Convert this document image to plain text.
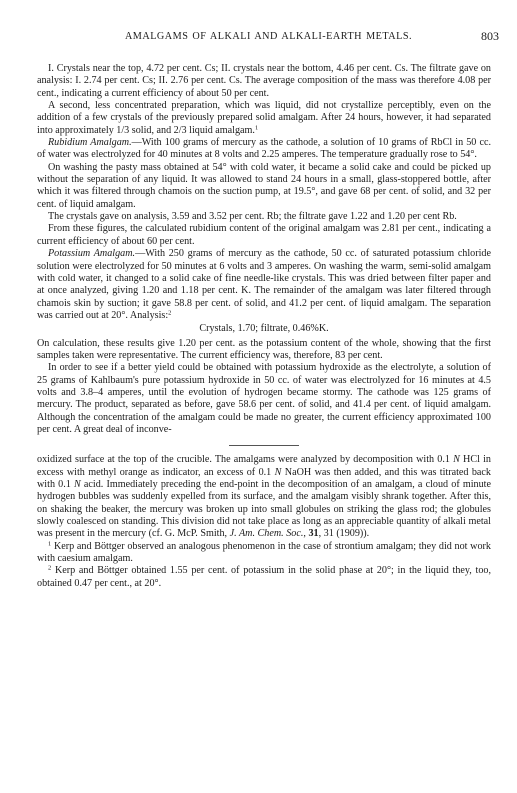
AMALGAMS OF ALKALI AND ALKALI-EARTH METALS.	803

I. Crystals near the top, 4.72 per cent. Cs; II. crystals near the bottom, 4.46 per cent. Cs. The filtrate gave on analysis: I. 2.74 per cent. Cs; II. 2.76 per cent. Cs. The average composition of the mass was therefore 4.08 per cent., indicating a current efficiency of about 50 per cent.

A second, less concentrated preparation, which was liquid, did not crystallize perceptibly, even on the addition of a few crystals of the previously prepared solid amalgam. After 24 hours, however, it had separated into approximately 1/3 solid, and 2/3 liquid amalgam.$^1$

Rubidium Amalgam.—With 100 grams of mercury as the cathode, a solution of 10 grams of RbCl in 50 cc. of water was electrolyzed for 40 minutes at 8 volts and 2.25 amperes. The temperature gradually rose to 54°.

On washing the pasty mass obtained at 54° with cold water, it became a solid cake and could be picked up without the separation of any liquid. It was allowed to stand 24 hours in a small, glass-stoppered bottle, after which it was filtered through chamois on the suction pump, at 19.5°, and gave 68 per cent. of solid, and 32 per cent. of liquid amalgam.

The crystals gave on analysis, 3.59 and 3.52 per cent. Rb; the filtrate gave 1.22 and 1.20 per cent Rb.

From these figures, the calculated rubidium content of the original amalgam was 2.81 per cent., indicating a current efficiency of about 60 per cent.

Potassium Amalgam.—With 250 grams of mercury as the cathode, 50 cc. of saturated potassium chloride solution were electrolyzed for 50 minutes at 6 volts and 3 amperes. On washing the warm, semi-solid amalgam with cold water, it changed to a solid cake of fine needle-like crystals. This was dried between filter paper and at once analyzed, giving 1.20 and 1.18 per cent. K. The remainder of the amalgam was later filtered through chamois skin by suction; it gave 58.8 per cent. of solid, and 41.2 per cent. of liquid amalgam. The separation was carried out at 20°. Analysis:$^2$

Crystals, 1.70; filtrate, 0.46%K.

On calculation, these results give 1.20 per cent. as the potassium content of the whole, showing that the first samples taken were representative. The current efficiency was, therefore, 83 per cent.

In order to see if a better yield could be obtained with potassium hydroxide as the electrolyte, a solution of 25 grams of Kahlbaum's pure potassium hydroxide in 50 cc. of water was electrolyzed for 16 minutes at 4.5 volts and 3.8–4 amperes, until the evolution of hydrogen became stormy. The cathode was 125 grams of mercury. The product, separated as before, gave 58.6 per cent. of solid, and 41.4 per cent. of liquid amalgam. Although the concentration of the amalgam could be made no greater, the current efficiency approximated 100 per cent. A great deal of inconve-

oxidized surface at the top of the crucible. The amalgams were analyzed by decomposition with 0.1 N HCl in excess with methyl orange as indicator, an excess of 0.1 N NaOH was then added, and this was titrated back with 0.1 N acid. Immediately preceding the end-point in the decomposition of an amalgam, a cloud of minute hydrogen bubbles was suddenly expelled from its surface, and the amalgam visibly shrank together. After this, on shaking the beaker, the mercury was broken up into small globules on striking the glass rod; the globules slowly coalesced on standing. This division did not take place as long as an appreciable quantity of alkali metal was present in the mercury (cf. G. McP. Smith, J. Am. Chem. Soc., 31, 31 (1909)).

$^1$ Kerp and Böttger observed an analogous phenomenon in the case of strontium amalgam; they did not work with caesium amalgam.

$^2$ Kerp and Böttger obtained 1.55 per cent. of potassium in the solid phase at 20°; in the liquid they, too, obtained 0.47 per cent., at 20°.
